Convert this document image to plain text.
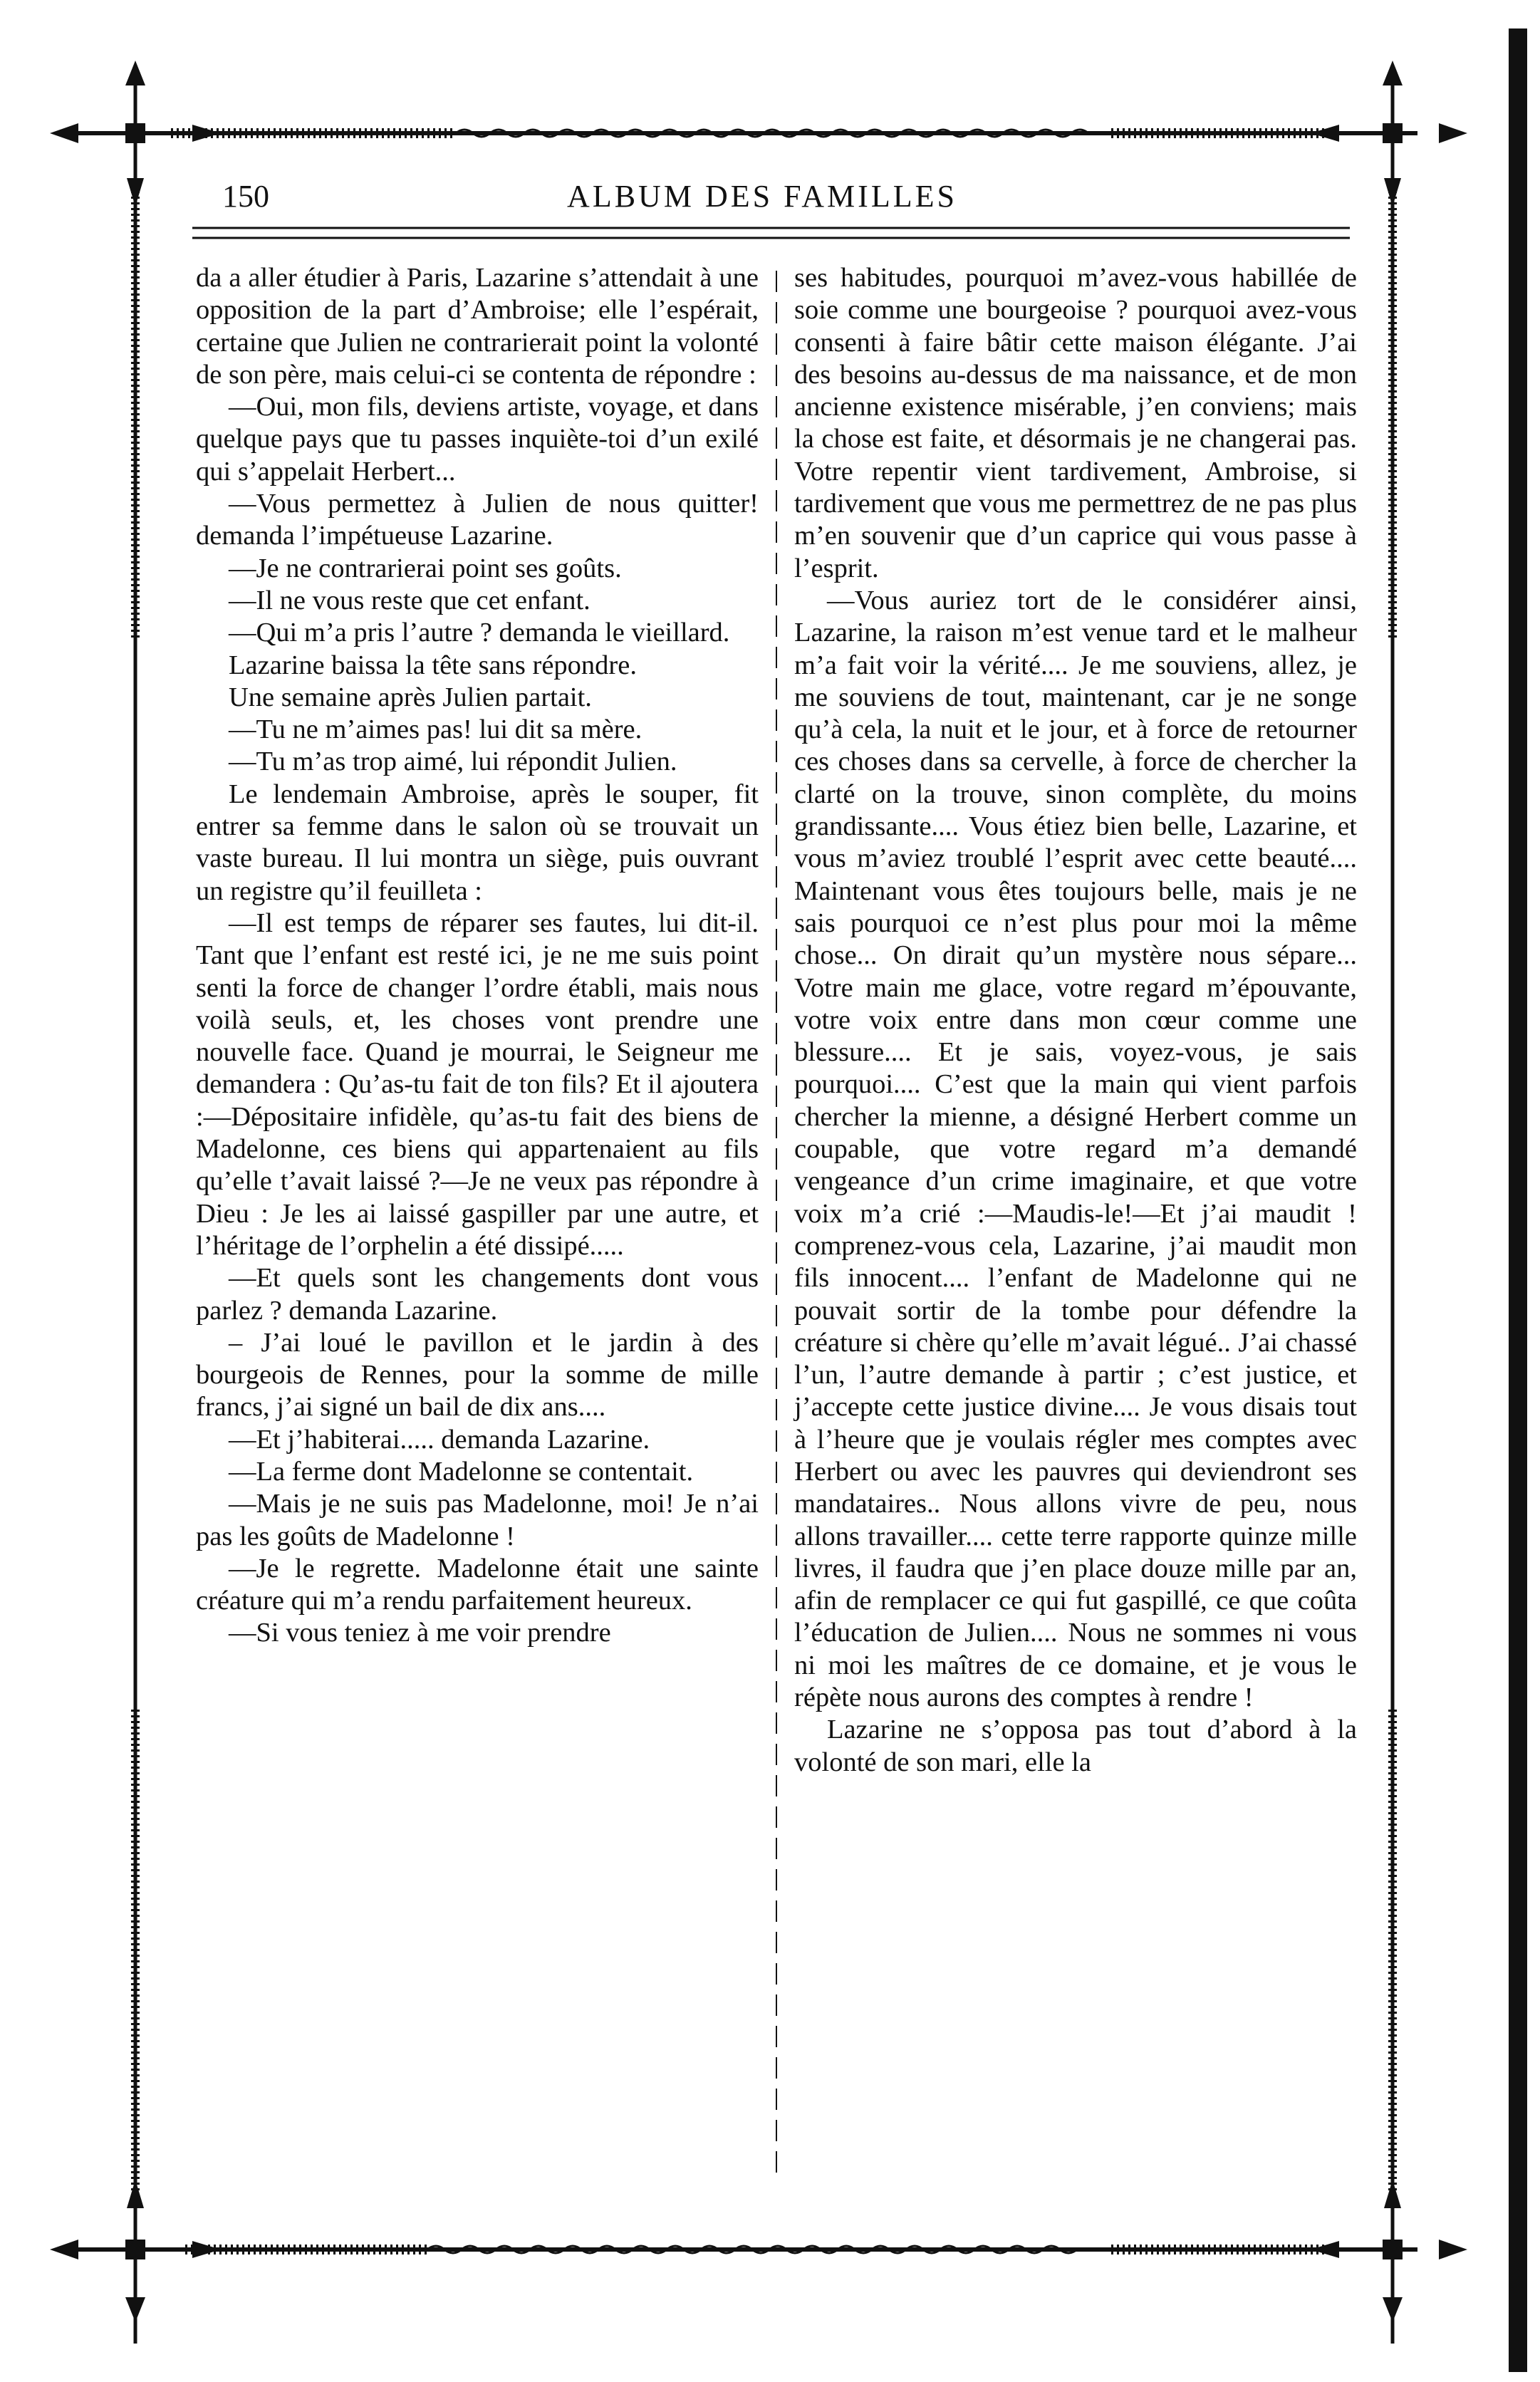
150	ALBUM DES FAMILLES

da a aller étudier à Paris, Lazarine s’attendait à une opposition de la part d’Ambroise; elle l’espérait, certaine que Julien ne contrarierait point la volonté de son père, mais celui-ci se contenta de répondre :

—Oui, mon fils, deviens artiste, voyage, et dans quelque pays que tu passes inquiète-toi d’un exilé qui s’appelait Herbert...

—Vous permettez à Julien de nous quitter! demanda l’impétueuse Lazarine.

—Je ne contrarierai point ses goûts.

—Il ne vous reste que cet enfant.

—Qui m’a pris l’autre ? demanda le vieillard.

Lazarine baissa la tête sans répondre.

Une semaine après Julien partait.

—Tu ne m’aimes pas! lui dit sa mère.

—Tu m’as trop aimé, lui répondit Julien.

Le lendemain Ambroise, après le souper, fit entrer sa femme dans le salon où se trouvait un vaste bureau. Il lui montra un siège, puis ouvrant un registre qu’il feuilleta :

—Il est temps de réparer ses fautes, lui dit-il. Tant que l’enfant est resté ici, je ne me suis point senti la force de changer l’ordre établi, mais nous voilà seuls, et, les choses vont prendre une nouvelle face. Quand je mourrai, le Seigneur me demandera : Qu’as-tu fait de ton fils? Et il ajoutera :—Dépositaire infidèle, qu’as-tu fait des biens de Madelonne, ces biens qui appartenaient au fils qu’elle t’avait laissé ?—Je ne veux pas répondre à Dieu : Je les ai laissé gaspiller par une autre, et l’héritage de l’orphelin a été dissipé.....

—Et quels sont les changements dont vous parlez ? demanda Lazarine.

– J’ai loué le pavillon et le jardin à des bourgeois de Rennes, pour la somme de mille francs, j’ai signé un bail de dix ans....

—Et j’habiterai..... demanda Lazarine.

—La ferme dont Madelonne se contentait.

—Mais je ne suis pas Madelonne, moi! Je n’ai pas les goûts de Madelonne !

—Je le regrette. Madelonne était une sainte créature qui m’a rendu parfaitement heureux.

—Si vous teniez à me voir prendre

ses habitudes, pourquoi m’avez-vous habillée de soie comme une bourgeoise ? pourquoi avez-vous consenti à faire bâtir cette maison élégante. J’ai des besoins au-dessus de ma naissance, et de mon ancienne existence misérable, j’en conviens; mais la chose est faite, et désormais je ne changerai pas. Votre repentir vient tardivement, Ambroise, si tardivement que vous me permettrez de ne pas plus m’en souvenir que d’un caprice qui vous passe à l’esprit.

—Vous auriez tort de le considérer ainsi, Lazarine, la raison m’est venue tard et le malheur m’a fait voir la vérité.... Je me souviens, allez, je me souviens de tout, maintenant, car je ne songe qu’à cela, la nuit et le jour, et à force de retourner ces choses dans sa cervelle, à force de chercher la clarté on la trouve, sinon complète, du moins grandissante.... Vous étiez bien belle, Lazarine, et vous m’aviez troublé l’esprit avec cette beauté.... Maintenant vous êtes toujours belle, mais je ne sais pourquoi ce n’est plus pour moi la même chose... On dirait qu’un mystère nous sépare... Votre main me glace, votre regard m’épouvante, votre voix entre dans mon cœur comme une blessure.... Et je sais, voyez-vous, je sais pourquoi.... C’est que la main qui vient parfois chercher la mienne, a désigné Herbert comme un coupable, que votre regard m’a demandé vengeance d’un crime imaginaire, et que votre voix m’a crié :—Maudis-le!—Et j’ai maudit ! comprenez-vous cela, Lazarine, j’ai maudit mon fils innocent.... l’enfant de Madelonne qui ne pouvait sortir de la tombe pour défendre la créature si chère qu’elle m’avait légué.. J’ai chassé l’un, l’autre demande à partir ; c’est justice, et j’accepte cette justice divine.... Je vous disais tout à l’heure que je voulais régler mes comptes avec Herbert ou avec les pauvres qui deviendront ses mandataires.. Nous allons vivre de peu, nous allons travailler.... cette terre rapporte quinze mille livres, il faudra que j’en place douze mille par an, afin de remplacer ce qui fut gaspillé, ce que coûta l’éducation de Julien.... Nous ne sommes ni vous ni moi les maîtres de ce domaine, et je vous le répète nous aurons des comptes à rendre !

Lazarine ne s’opposa pas tout d’abord à la volonté de son mari, elle la
